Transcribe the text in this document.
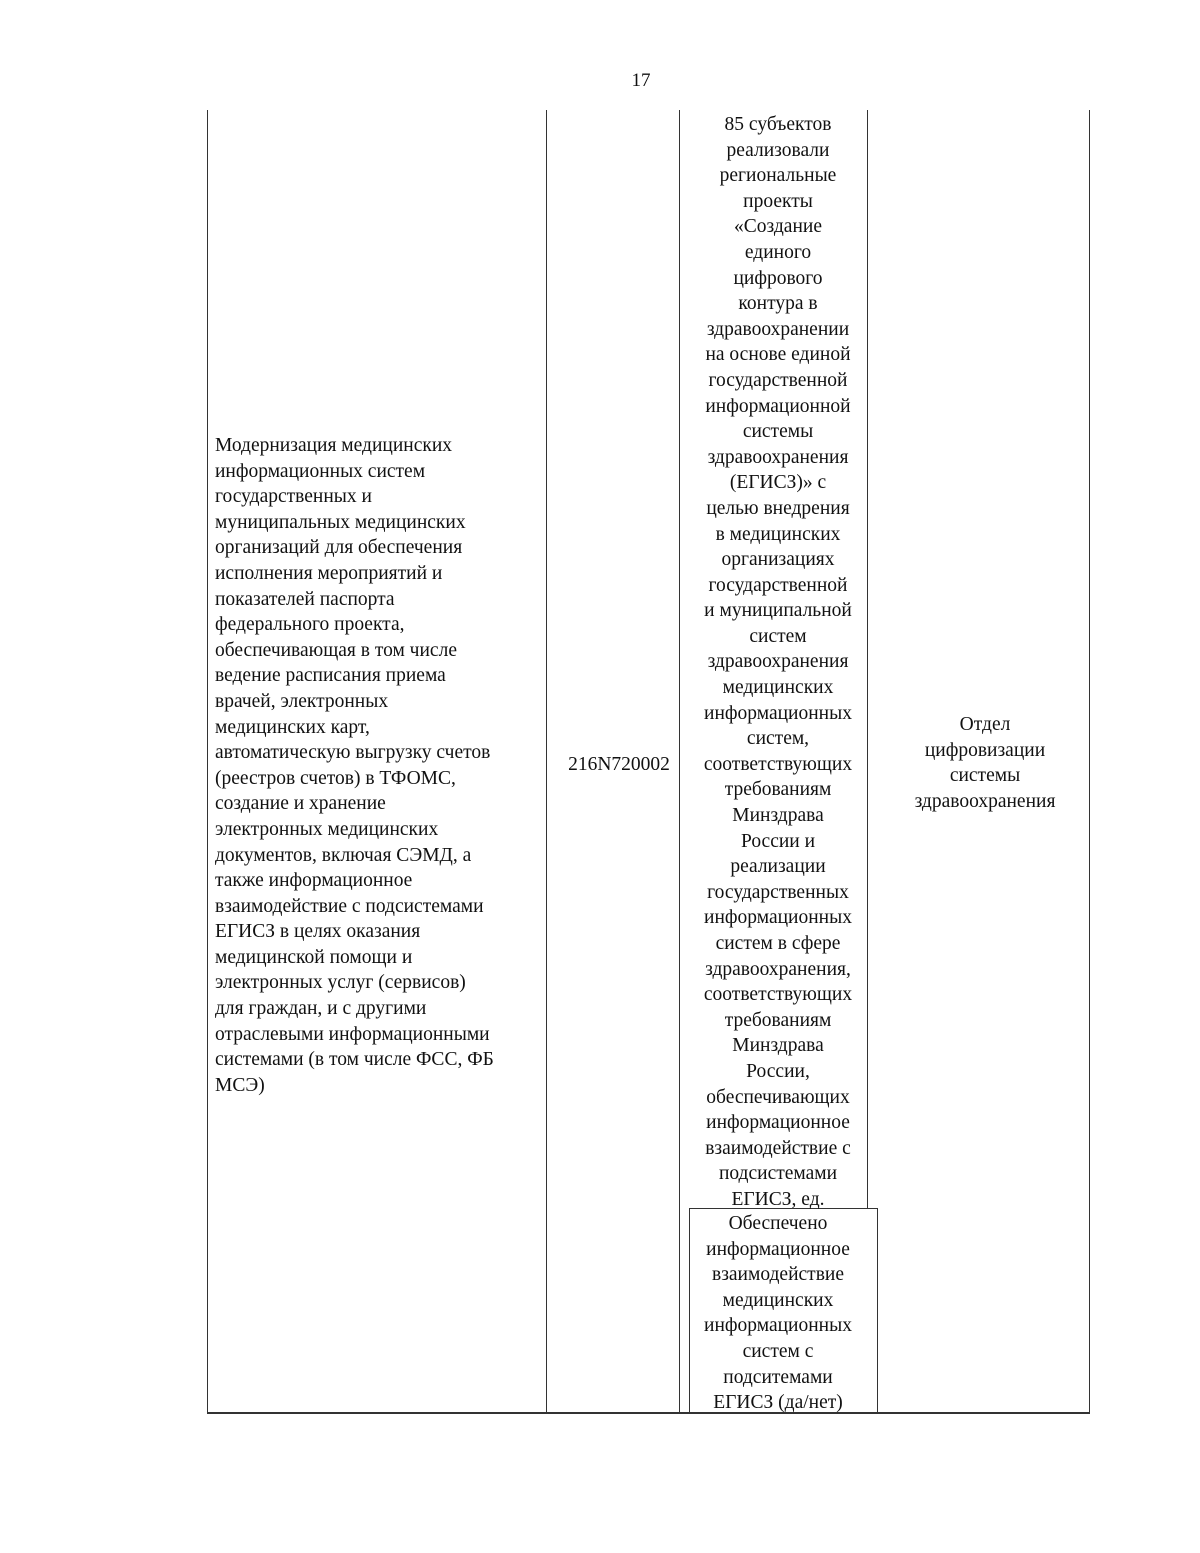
17
Модернизация медицинских
информационных систем
государственных и
муниципальных медицинских
организаций для обеспечения
исполнения мероприятий и
показателей паспорта
федерального проекта,
обеспечивающая в том числе
ведение расписания приема
врачей, электронных
медицинских карт,
автоматическую выгрузку счетов
(реестров счетов) в ТФОМС,
создание и хранение
электронных медицинских
документов, включая СЭМД, а
также информационное
взаимодействие с подсистемами
ЕГИСЗ в целях оказания
медицинской помощи и
электронных услуг (сервисов)
для граждан, и с другими
отраслевыми информационными
системами (в том числе ФСС, ФБ
МСЭ)
216N720002
85 субъектов
реализовали
региональные
проекты
«Создание
единого
цифрового
контура в
здравоохранении
на основе единой
государственной
информационной
системы
здравоохранения
(ЕГИСЗ)» с
целью внедрения
в медицинских
организациях
государственной
и муниципальной
систем
здравоохранения
медицинских
информационных
систем,
соответствующих
требованиям
Минздрава
России и
реализации
государственных
информационных
систем в сфере
здравоохранения,
соответствующих
требованиям
Минздрава
России,
обеспечивающих
информационное
взаимодействие с
подсистемами
ЕГИСЗ, ед.
Обеспечено
информационное
взаимодействие
медицинских
информационных
систем с
подситемами
ЕГИСЗ (да/нет)
Отдел
цифровизации
системы
здравоохранения
